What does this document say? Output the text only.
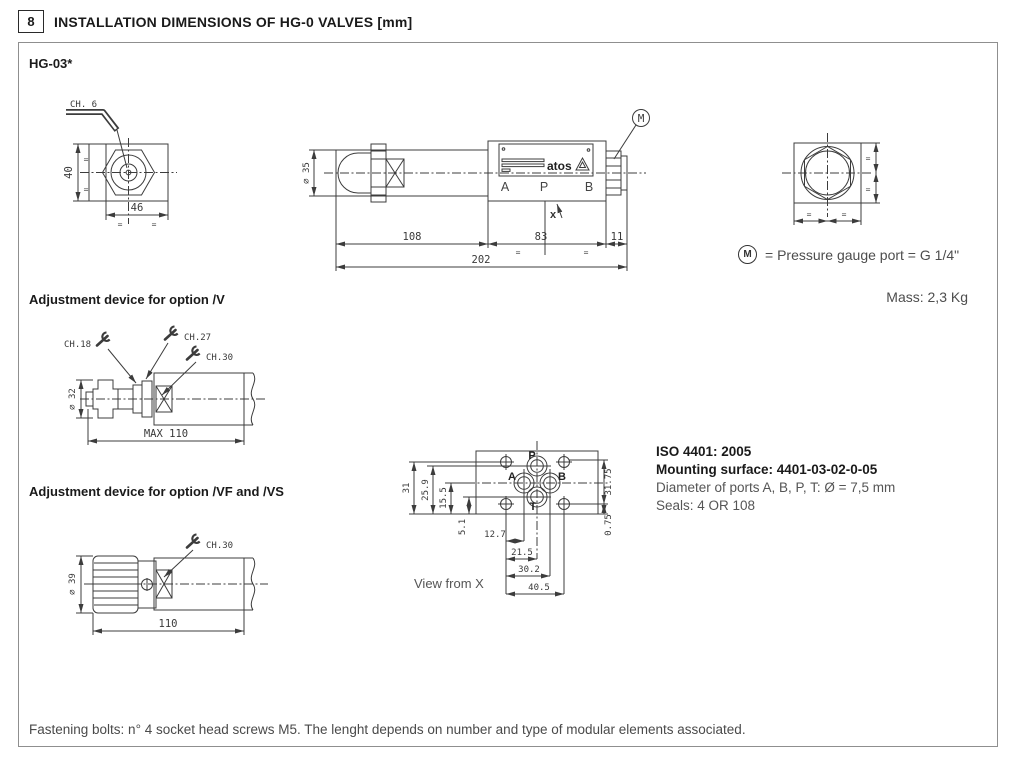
8 INSTALLATION DIMENSIONS OF HG-0 VALVES [mm]
HG-03*
CH. 6
40
=
=
46
=	=
M
atos
A P	B
x
108	83	11
202
=	=
⌀ 35
=
=
=	=
M = Pressure gauge port = G 1/4"
Mass: 2,3 Kg
Adjustment device for option /V
CH.18
CH.27
CH.30
⌀ 32
MAX 110
Adjustment device for option /VF and /VS
CH.30
⌀ 39
110
P
A	B
T
31 25.9 15.5
5.1
31.75
0.75
12.7
21.5
30.2
40.5
View from X
ISO 4401: 2005
Mounting surface: 4401-03-02-0-05
Diameter of ports A, B, P, T: Ø = 7,5 mm
Seals: 4 OR 108
Fastening bolts: n° 4 socket head screws M5. The lenght depends on number and type of modular elements associated.
